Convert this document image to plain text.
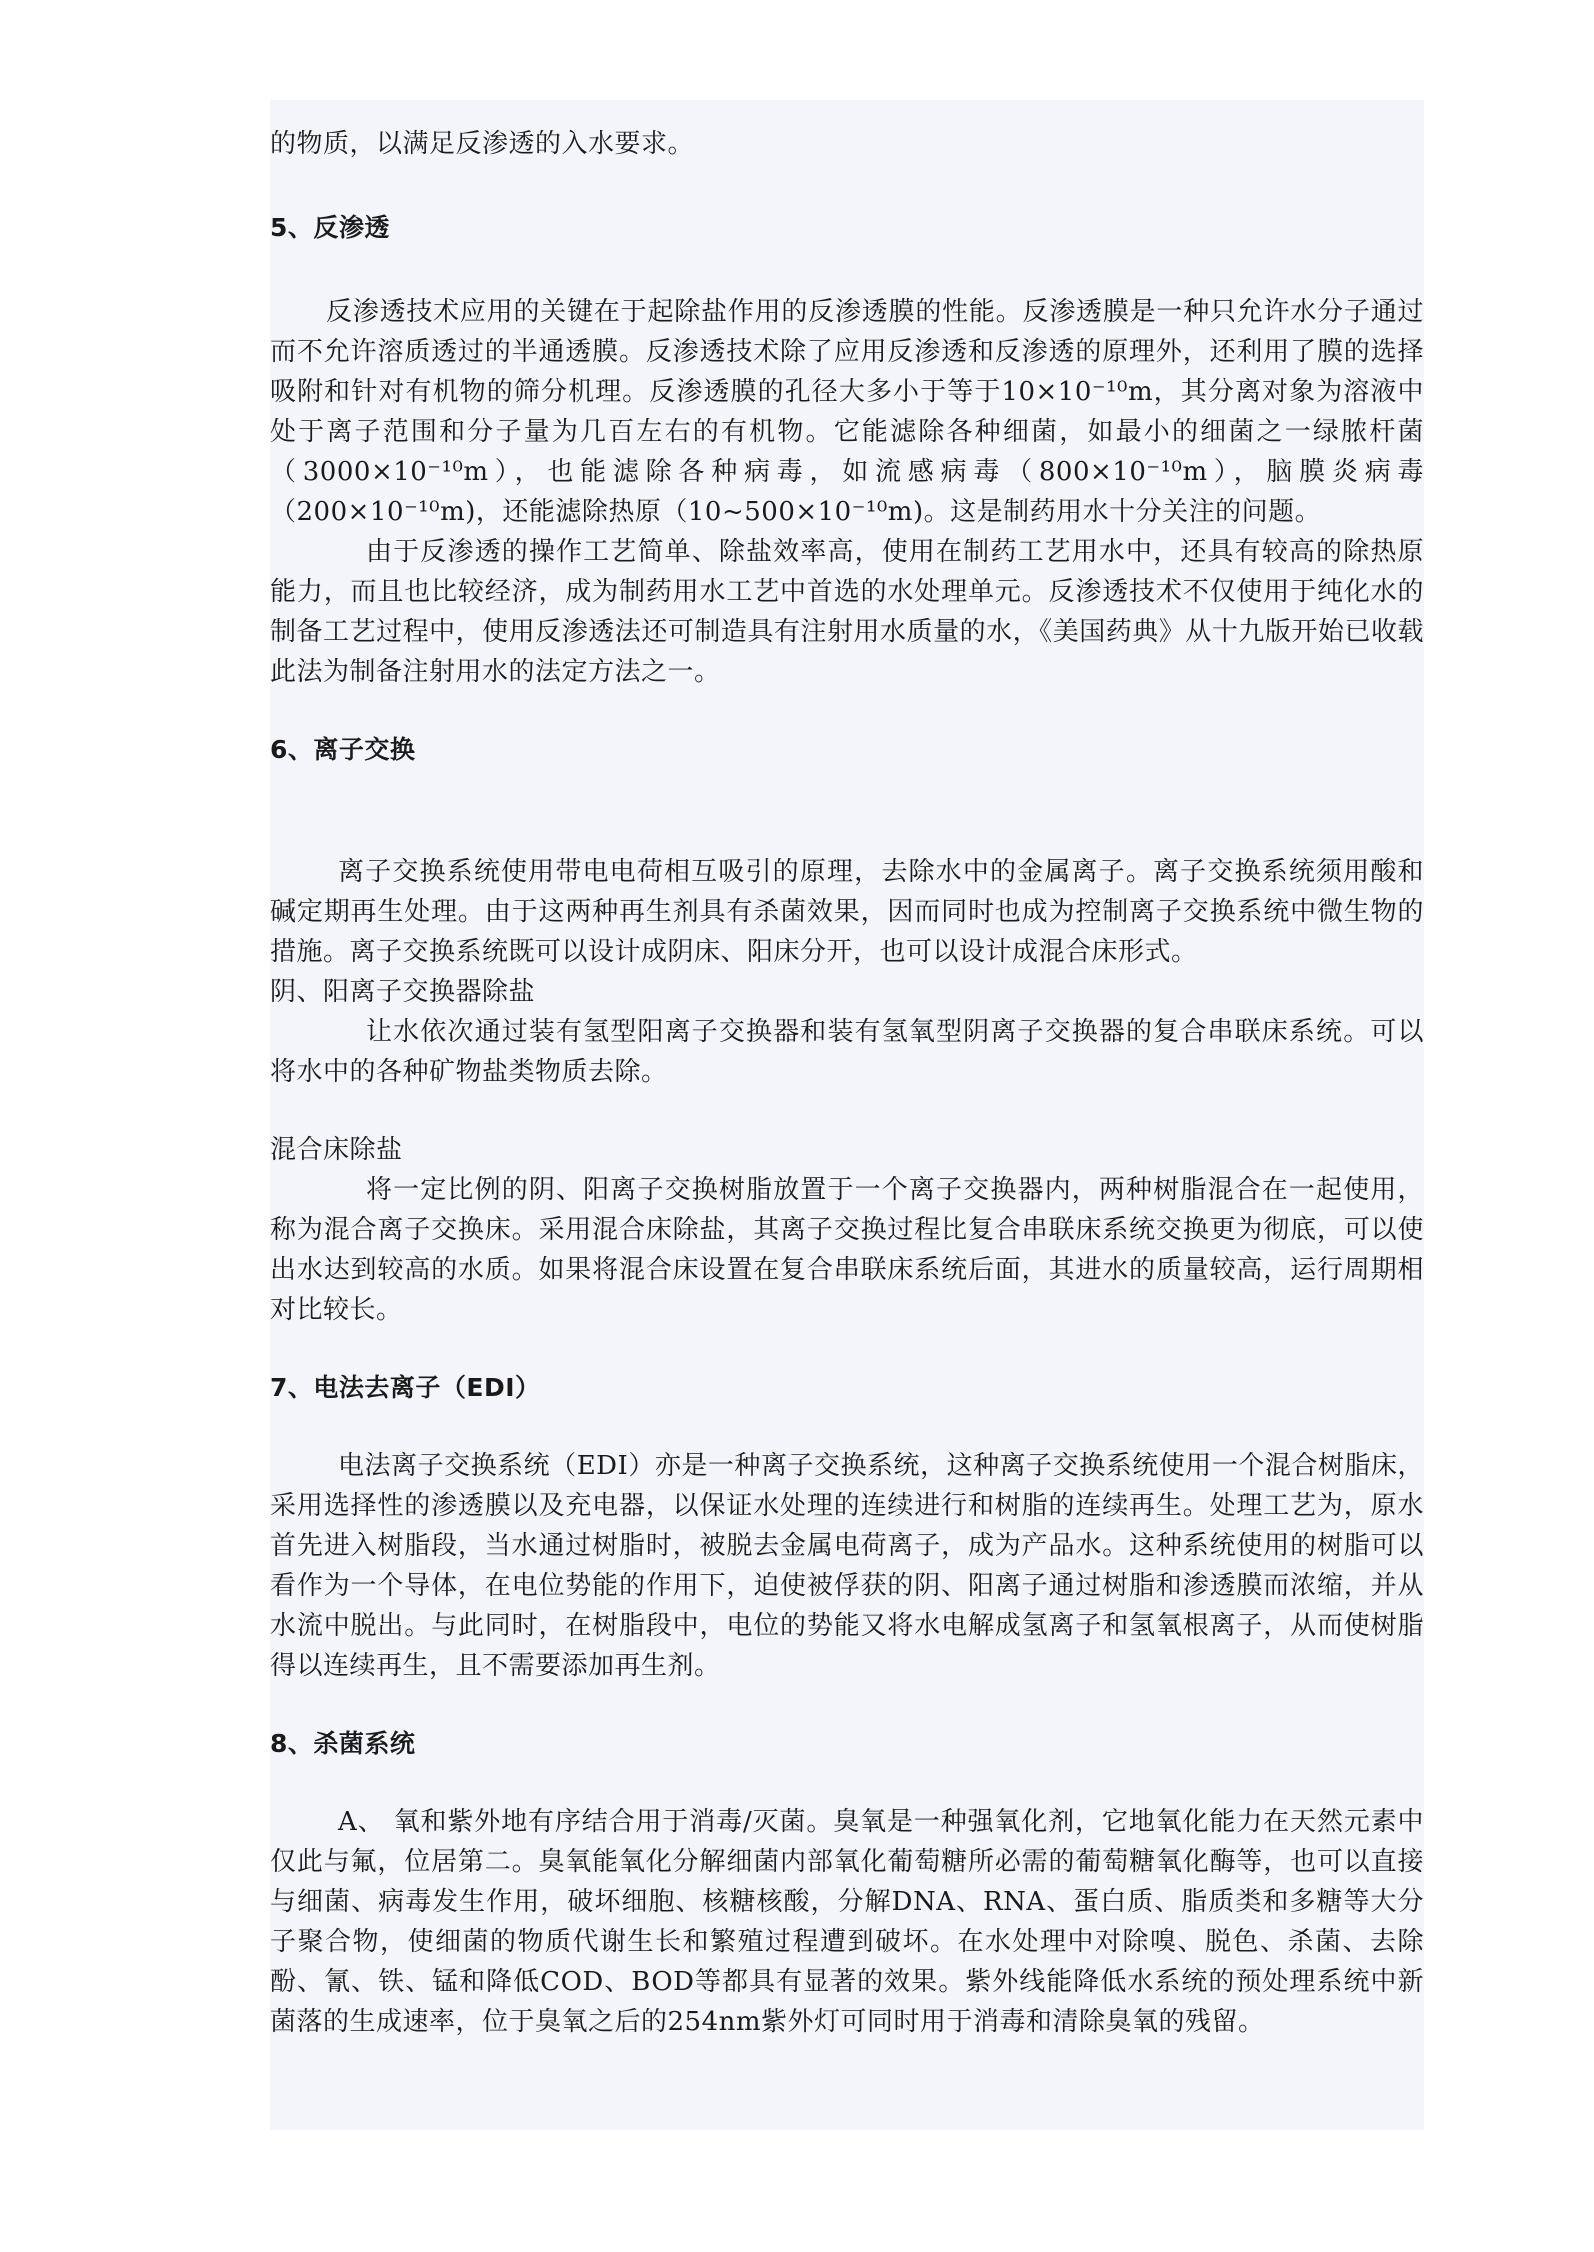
的物质，以满足反渗透的入水要求。

5、反渗透

反渗透技术应用的关键在于起除盐作用的反渗透膜的性能。反渗透膜是一种只允许水分子通过而不允许溶质透过的半通透膜。反渗透技术除了应用反渗透和反渗透的原理外，还利用了膜的选择吸附和针对有机物的筛分机理。反渗透膜的孔径大多小于等于10×10⁻¹⁰m，其分离对象为溶液中处于离子范围和分子量为几百左右的有机物。它能滤除各种细菌，如最小的细菌之一绿脓杆菌（3000×10⁻¹⁰m），也能滤除各种病毒，如流感病毒（800×10⁻¹⁰m），脑膜炎病毒（200×10⁻¹⁰m)，还能滤除热原（10~500×10⁻¹⁰m)。这是制药用水十分关注的问题。

由于反渗透的操作工艺简单、除盐效率高，使用在制药工艺用水中，还具有较高的除热原能力，而且也比较经济，成为制药用水工艺中首选的水处理单元。反渗透技术不仅使用于纯化水的制备工艺过程中，使用反渗透法还可制造具有注射用水质量的水，《美国药典》从十九版开始已收载此法为制备注射用水的法定方法之一。

6、离子交换

离子交换系统使用带电电荷相互吸引的原理，去除水中的金属离子。离子交换系统须用酸和碱定期再生处理。由于这两种再生剂具有杀菌效果，因而同时也成为控制离子交换系统中微生物的措施。离子交换系统既可以设计成阴床、阳床分开，也可以设计成混合床形式。

阴、阳离子交换器除盐

让水依次通过装有氢型阳离子交换器和装有氢氧型阴离子交换器的复合串联床系统。可以将水中的各种矿物盐类物质去除。

混合床除盐

将一定比例的阴、阳离子交换树脂放置于一个离子交换器内，两种树脂混合在一起使用，称为混合离子交换床。采用混合床除盐，其离子交换过程比复合串联床系统交换更为彻底，可以使出水达到较高的水质。如果将混合床设置在复合串联床系统后面，其进水的质量较高，运行周期相对比较长。

7、电法去离子（EDI）

电法离子交换系统（EDI）亦是一种离子交换系统，这种离子交换系统使用一个混合树脂床，采用选择性的渗透膜以及充电器，以保证水处理的连续进行和树脂的连续再生。处理工艺为，原水首先进入树脂段，当水通过树脂时，被脱去金属电荷离子，成为产品水。这种系统使用的树脂可以看作为一个导体，在电位势能的作用下，迫使被俘获的阴、阳离子通过树脂和渗透膜而浓缩，并从水流中脱出。与此同时，在树脂段中，电位的势能又将水电解成氢离子和氢氧根离子，从而使树脂得以连续再生，且不需要添加再生剂。

8、杀菌系统

A、 氧和紫外地有序结合用于消毒/灭菌。臭氧是一种强氧化剂，它地氧化能力在天然元素中仅此与氟，位居第二。臭氧能氧化分解细菌内部氧化葡萄糖所必需的葡萄糖氧化酶等，也可以直接与细菌、病毒发生作用，破坏细胞、核糖核酸，分解DNA、RNA、蛋白质、脂质类和多糖等大分子聚合物，使细菌的物质代谢生长和繁殖过程遭到破坏。在水处理中对除嗅、脱色、杀菌、去除酚、氰、铁、锰和降低COD、BOD等都具有显著的效果。紫外线能降低水系统的预处理系统中新菌落的生成速率，位于臭氧之后的254nm紫外灯可同时用于消毒和清除臭氧的残留。
